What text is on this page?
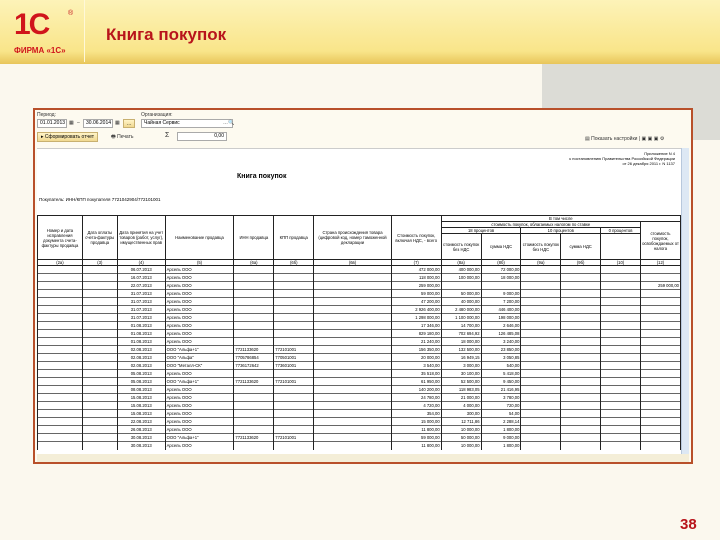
1С	®
ФИРМА «1С»
Книга покупок
Период:
01.01.2013 ▦ –	30.06.2014 ▦	...
Организация:
Чайная Сервис	…🔍
▸ Сформировать отчет	🖶 Печать	Σ	0,00	▤ Показать настройки | ▣ ▣ ▣ ⚙
Приложение N 4
к постановлению Правительства Российской Федерации
от 26 декабря 2011 г. N 1137
Книга покупок
Покупатель: ИНН/КПП покупателя 7721042904/772101001
Номер и дата исправления документа счета-фактуры продавца	Дата оплаты счета-фактуры продавца	Дата принятия на учет товаров (работ, услуг), имущественных прав	Наименование продавца	ИНН продавца	КПП продавца	Страна происхождения товара (цифровой код, номер таможенной декларации	Стоимость покупок, включая НДС, - всего	В том числе					
								стоимость покупок, облагаемых налогом по ставке					стоимость покупок, освобождаемых от налога
								18 процентов		10 процентов		0 процентов	
								стоимость покупок без НДС	сумма НДС	стоимость покупок без НДС	сумма НДС		
(2а)	(3)	(4)	(5)	(6а)	(6б)	(6в)	(7)	(8а)	(8б)	(9а)	(9б)	(10)	(12)
		06.07.2013	Арсель ООО				472 000,00	400 000,00	72 000,00				
		16.07.2013	Арсель ООО				118 000,00	100 000,00	18 000,00				
		22.07.2013	Арсель ООО				259 000,00						259 000,00
		31.07.2013	Арсель ООО				59 000,00	50 000,00	9 000,00				
		31.07.2013	Арсель ООО				47 200,00	40 000,00	7 200,00				
		31.07.2013	Арсель ООО				2 926 400,00	2 480 000,00	446 400,00				
		31.07.2013	Арсель ООО				1 298 000,00	1 100 000,00	198 000,00				
		01.08.2013	Арсель ООО				17 346,00	14 700,00	2 646,00				
		01.08.2013	Арсель ООО				829 180,00	702 694,92	126 485,08				
		01.08.2013	Арсель ООО				21 240,00	18 000,00	3 240,00				
		02.08.2013	ООО "Альфа+1"	7721133620	772101001		156 350,00	132 500,00	23 850,00				
		02.08.2013	ООО "Альфа"	7705786854	770501001		20 000,00	16 949,15	3 050,85				
		02.08.2013	ООО "Металл-СК"	7736172642	773601001		3 540,00	3 000,00	540,00				
		05.08.2013	Арсель ООО				35 518,00	30 100,00	5 418,00				
		05.08.2013	ООО "Альфа+1"	7721133620	772101001		61 950,00	52 500,00	9 450,00				
		08.08.2013	Арсель ООО				140 200,00	118 983,05	21 416,95				
		15.08.2013	Арсель ООО				24 780,00	21 000,00	3 780,00				
		15.08.2013	Арсель ООО				4 720,00	4 000,00	720,00				
		15.08.2013	Арсель ООО				354,00	300,00	54,00				
		22.08.2013	Арсель ООО				15 000,00	12 711,86	2 288,14				
		26.08.2013	Арсель ООО				11 800,00	10 000,00	1 800,00				
		30.08.2013	ООО "Альфа+1"	7721133620	772101001		59 000,00	50 000,00	9 000,00				
		30.08.2013	Арсель ООО				11 800,00	10 000,00	1 800,00				
38
